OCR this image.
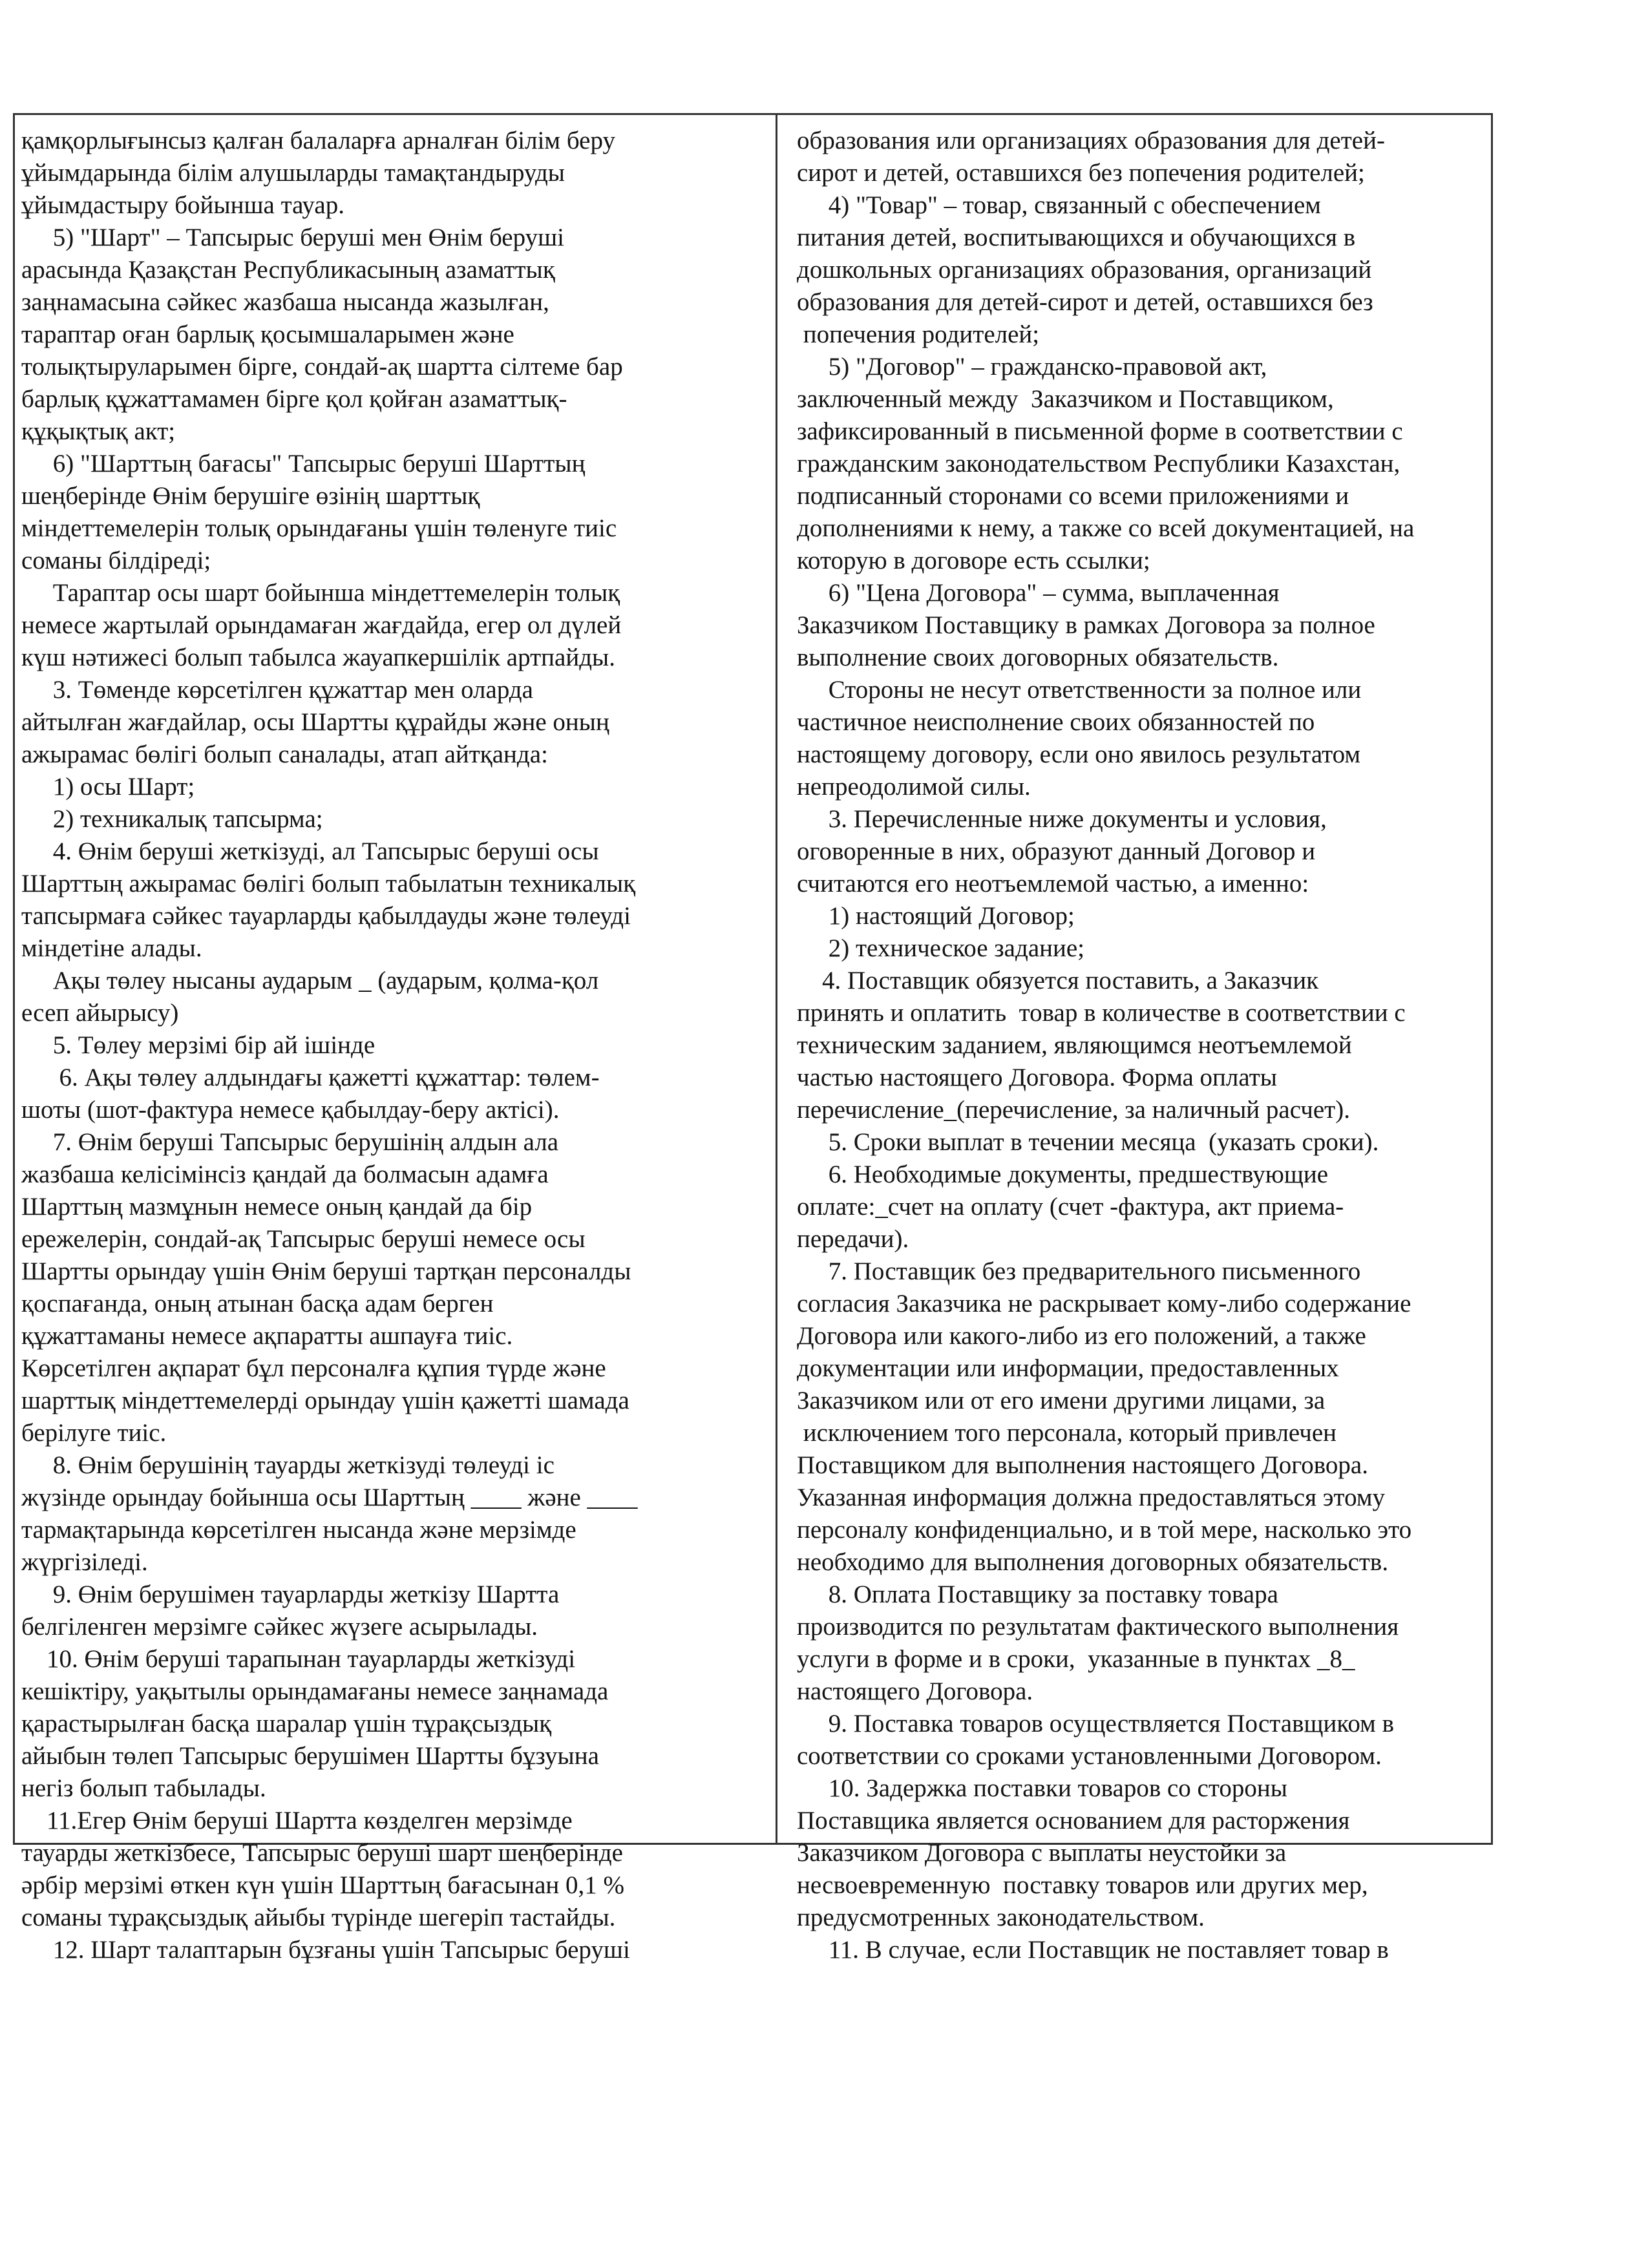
қамқорлығынсыз қалған балаларға арналған білім беру
ұйымдарында білім алушыларды тамақтандыруды
ұйымдастыру бойынша тауар.
5) "Шарт" – Тапсырыс беруші мен Өнім беруші
арасында Қазақстан Республикасының азаматтық
заңнамасына сәйкес жазбаша нысанда жазылған,
тараптар оған барлық қосымшаларымен және
толықтыруларымен бірге, сондай-ақ шартта сілтеме бар
барлық құжаттамамен бірге қол қойған азаматтық-
құқықтық акт;
6) "Шарттың бағасы" Тапсырыс беруші Шарттың
шеңберінде Өнім берушіге өзінің шарттық
міндеттемелерін толық орындағаны үшін төленуге тиіс
соманы білдіреді;
Тараптар осы шарт бойынша міндеттемелерін толық
немесе жартылай орындамаған жағдайда, егер ол дүлей
күш нәтижесі болып табылса жауапкершілік артпайды.
3. Төменде көрсетілген құжаттар мен оларда
айтылған жағдайлар, осы Шартты құрайды және оның
ажырамас бөлігі болып саналады, атап айтқанда:
1) осы Шарт;
2) техникалық тапсырма;
4. Өнім беруші жеткізуді, ал Тапсырыс беруші осы
Шарттың ажырамас бөлігі болып табылатын техникалық
тапсырмаға сәйкес тауарларды қабылдауды және төлеуді
міндетіне алады.
Ақы төлеу нысаны аударым _ (аударым, қолма-қол
есеп айырысу)
5. Төлеу мерзімі бір ай ішінде
6. Ақы төлеу алдындағы қажетті құжаттар: төлем-
шоты (шот-фактура немесе қабылдау-беру актісі).
7. Өнім беруші Тапсырыс берушінің алдын ала
жазбаша келісімінсіз қандай да болмасын адамға
Шарттың мазмұнын немесе оның қандай да бір
ережелерін, сондай-ақ Тапсырыс беруші немесе осы
Шартты орындау үшін Өнім беруші тартқан персоналды
қоспағанда, оның атынан басқа адам берген
құжаттаманы немесе ақпаратты ашпауға тиіс.
Көрсетілген ақпарат бұл персоналға құпия түрде және
шарттық міндеттемелерді орындау үшін қажетті шамада
берілуге тиіс.
8. Өнім берушінің тауарды жеткізуді төлеуді іс
жүзінде орындау бойынша осы Шарттың ____ және ____
тармақтарында көрсетілген нысанда және мерзімде
жүргізіледі.
9. Өнім берушімен тауарларды жеткізу Шартта
белгіленген мерзімге сәйкес жүзеге асырылады.
10. Өнім беруші тарапынан тауарларды жеткізуді
кешіктіру, уақытылы орындамағаны немесе заңнамада
қарастырылған басқа шаралар үшін тұрақсыздық
айыбын төлеп Тапсырыс берушімен Шартты бұзуына
негіз болып табылады.
11.Егер Өнім беруші Шартта көзделген мерзімде
тауарды жеткізбесе, Тапсырыс беруші шарт шеңберінде
әрбір мерзімі өткен күн үшін Шарттың бағасынан 0,1 %
соманы тұрақсыздық айыбы түрінде шегеріп тастайды.
12. Шарт талаптарын бұзғаны үшін Тапсырыс беруші
образования или организациях образования для детей-
сирот и детей, оставшихся без попечения родителей;
4) "Товар" – товар, связанный с обеспечением
питания детей, воспитывающихся и обучающихся в
дошкольных организациях образования, организаций
образования для детей-сирот и детей, оставшихся без
попечения родителей;
5) "Договор" – гражданско-правовой акт,
заключенный между  Заказчиком и Поставщиком,
зафиксированный в письменной форме в соответствии с
гражданским законодательством Республики Казахстан,
подписанный сторонами со всеми приложениями и
дополнениями к нему, а также со всей документацией, на
которую в договоре есть ссылки;
6) "Цена Договора" – сумма, выплаченная
Заказчиком Поставщику в рамках Договора за полное
выполнение своих договорных обязательств.
Стороны не несут ответственности за полное или
частичное неисполнение своих обязанностей по
настоящему договору, если оно явилось результатом
непреодолимой силы.
3. Перечисленные ниже документы и условия,
оговоренные в них, образуют данный Договор и
считаются его неотъемлемой частью, а именно:
1) настоящий Договор;
2) техническое задание;
4. Поставщик обязуется поставить, а Заказчик
принять и оплатить  товар в количестве в соответствии с
техническим заданием, являющимся неотъемлемой
частью настоящего Договора. Форма оплаты
перечисление_(перечисление, за наличный расчет).
5. Сроки выплат в течении месяца  (указать сроки).
6. Необходимые документы, предшествующие
оплате:_счет на оплату (счет -фактура, акт приема-
передачи).
7. Поставщик без предварительного письменного
согласия Заказчика не раскрывает кому-либо содержание
Договора или какого-либо из его положений, а также
документации или информации, предоставленных
Заказчиком или от его имени другими лицами, за
исключением того персонала, который привлечен
Поставщиком для выполнения настоящего Договора.
Указанная информация должна предоставляться этому
персоналу конфиденциально, и в той мере, насколько это
необходимо для выполнения договорных обязательств.
8. Оплата Поставщику за поставку товара
производится по результатам фактического выполнения
услуги в форме и в сроки,  указанные в пунктах _8_
настоящего Договора.
9. Поставка товаров осуществляется Поставщиком в
соответствии со сроками установленными Договором.
10. Задержка поставки товаров со стороны
Поставщика является основанием для расторжения
Заказчиком Договора с выплаты неустойки за
несвоевременную  поставку товаров или других мер,
предусмотренных законодательством.
11. В случае, если Поставщик не поставляет товар в
